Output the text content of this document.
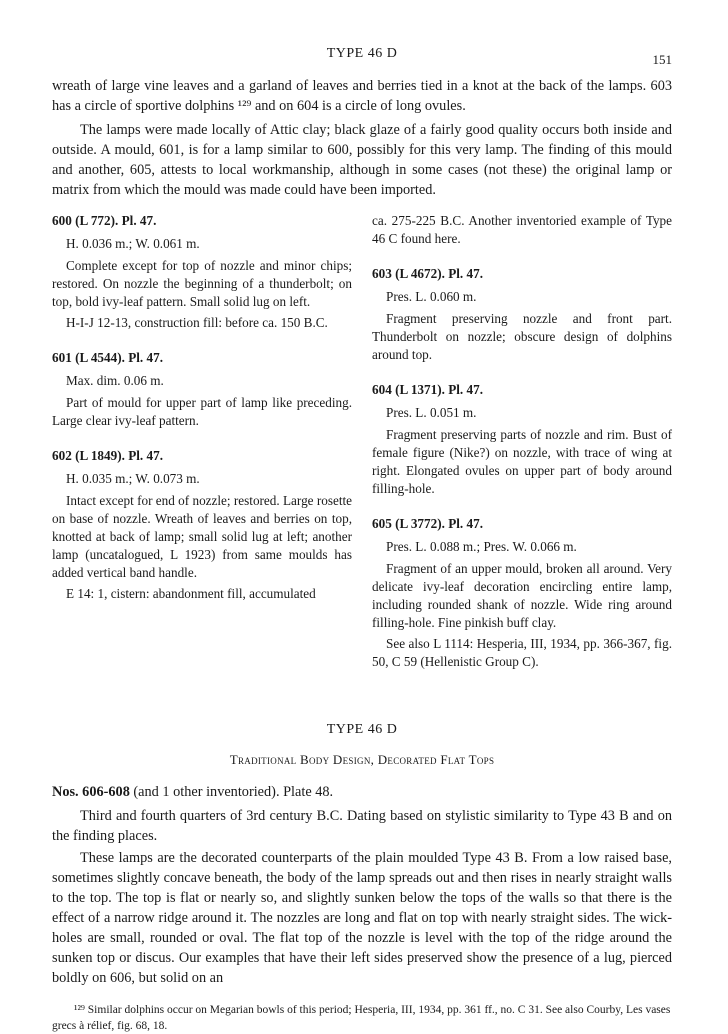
TYPE 46 D	151

wreath of large vine leaves and a garland of leaves and berries tied in a knot at the back of the lamps. 603 has a circle of sportive dolphins ¹²⁹ and on 604 is a circle of long ovules.

The lamps were made locally of Attic clay; black glaze of a fairly good quality occurs both inside and outside. A mould, 601, is for a lamp similar to 600, possibly for this very lamp. The finding of this mould and another, 605, attests to local workmanship, although in some cases (not these) the original lamp or matrix from which the mould was made could have been imported.

600 (L 772). Pl. 47.
H. 0.036 m.; W. 0.061 m.
Complete except for top of nozzle and minor chips; restored. On nozzle the beginning of a thunderbolt; on top, bold ivy-leaf pattern. Small solid lug on left.
H-I-J 12-13, construction fill: before ca. 150 B.C.
601 (L 4544). Pl. 47.
Max. dim. 0.06 m.
Part of mould for upper part of lamp like preceding. Large clear ivy-leaf pattern.
602 (L 1849). Pl. 47.
H. 0.035 m.; W. 0.073 m.
Intact except for end of nozzle; restored. Large rosette on base of nozzle. Wreath of leaves and berries on top, knotted at back of lamp; small solid lug at left; another lamp (uncatalogued, L 1923) from same moulds has added vertical band handle.
E 14: 1, cistern: abandonment fill, accumulated
ca. 275-225 B.C. Another inventoried example of Type 46 C found here.
603 (L 4672). Pl. 47.
Pres. L. 0.060 m.
Fragment preserving nozzle and front part. Thunderbolt on nozzle; obscure design of dolphins around top.
604 (L 1371). Pl. 47.
Pres. L. 0.051 m.
Fragment preserving parts of nozzle and rim. Bust of female figure (Nike?) on nozzle, with trace of wing at right. Elongated ovules on upper part of body around filling-hole.
605 (L 3772). Pl. 47.
Pres. L. 0.088 m.; Pres. W. 0.066 m.
Fragment of an upper mould, broken all around. Very delicate ivy-leaf decoration encircling entire lamp, including rounded shank of nozzle. Wide ring around filling-hole. Fine pinkish buff clay.
See also L 1114: Hesperia, III, 1934, pp. 366-367, fig. 50, C 59 (Hellenistic Group C).
TYPE 46 D
Traditional Body Design, Decorated Flat Tops

Nos. 606-608 (and 1 other inventoried). Plate 48.

Third and fourth quarters of 3rd century B.C. Dating based on stylistic similarity to Type 43 B and on the finding places.

These lamps are the decorated counterparts of the plain moulded Type 43 B. From a low raised base, sometimes slightly concave beneath, the body of the lamp spreads out and then rises in nearly straight walls to the top. The top is flat or nearly so, and slightly sunken below the tops of the walls so that there is the effect of a narrow ridge around it. The nozzles are long and flat on top with nearly straight sides. The wick-holes are small, rounded or oval. The flat top of the nozzle is level with the top of the ridge around the sunken top or discus. Our examples that have their left sides preserved show the presence of a lug, pierced boldly on 606, but solid on an

¹²⁹ Similar dolphins occur on Megarian bowls of this period; Hesperia, III, 1934, pp. 361 ff., no. C 31. See also Courby, Les vases grecs à rélief, fig. 68, 18.
